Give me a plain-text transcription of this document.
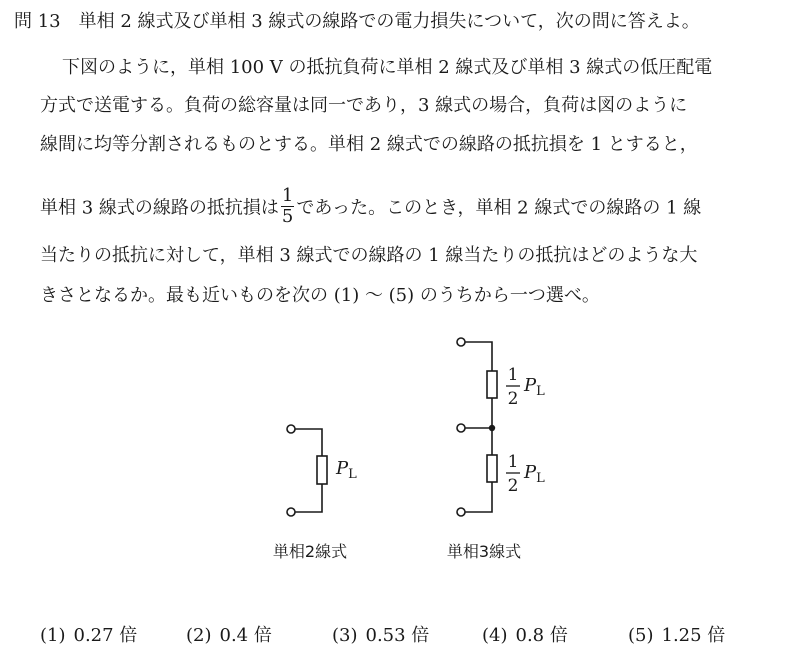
問 13 単相 2 線式及び単相 3 線式の線路での電力損失について，次の問に答えよ。
下図のように，単相 100 V の抵抗負荷に単相 2 線式及び単相 3 線式の低圧配電
方式で送電する。負荷の総容量は同一であり，3 線式の場合，負荷は図のように
線間に均等分割されるものとする。単相 2 線式での線路の抵抗損を 1 とすると，
単相 3 線式の線路の抵抗損は $\frac{1}{5}$ であった。このとき，単相 2 線式での線路の 1 線
当たりの抵抗に対して，単相 3 線式での線路の 1 線当たりの抵抗はどのような大
きさとなるか。最も近いものを次の (1) ～ (5) のうちから一つ選べ。
$P_L$
1
2
$P_L$
1
2
$P_L$
単相2線式	単相3線式
(1) 0.27 倍	(2) 0.4 倍	(3) 0.53 倍	(4) 0.8 倍	(5) 1.25 倍
